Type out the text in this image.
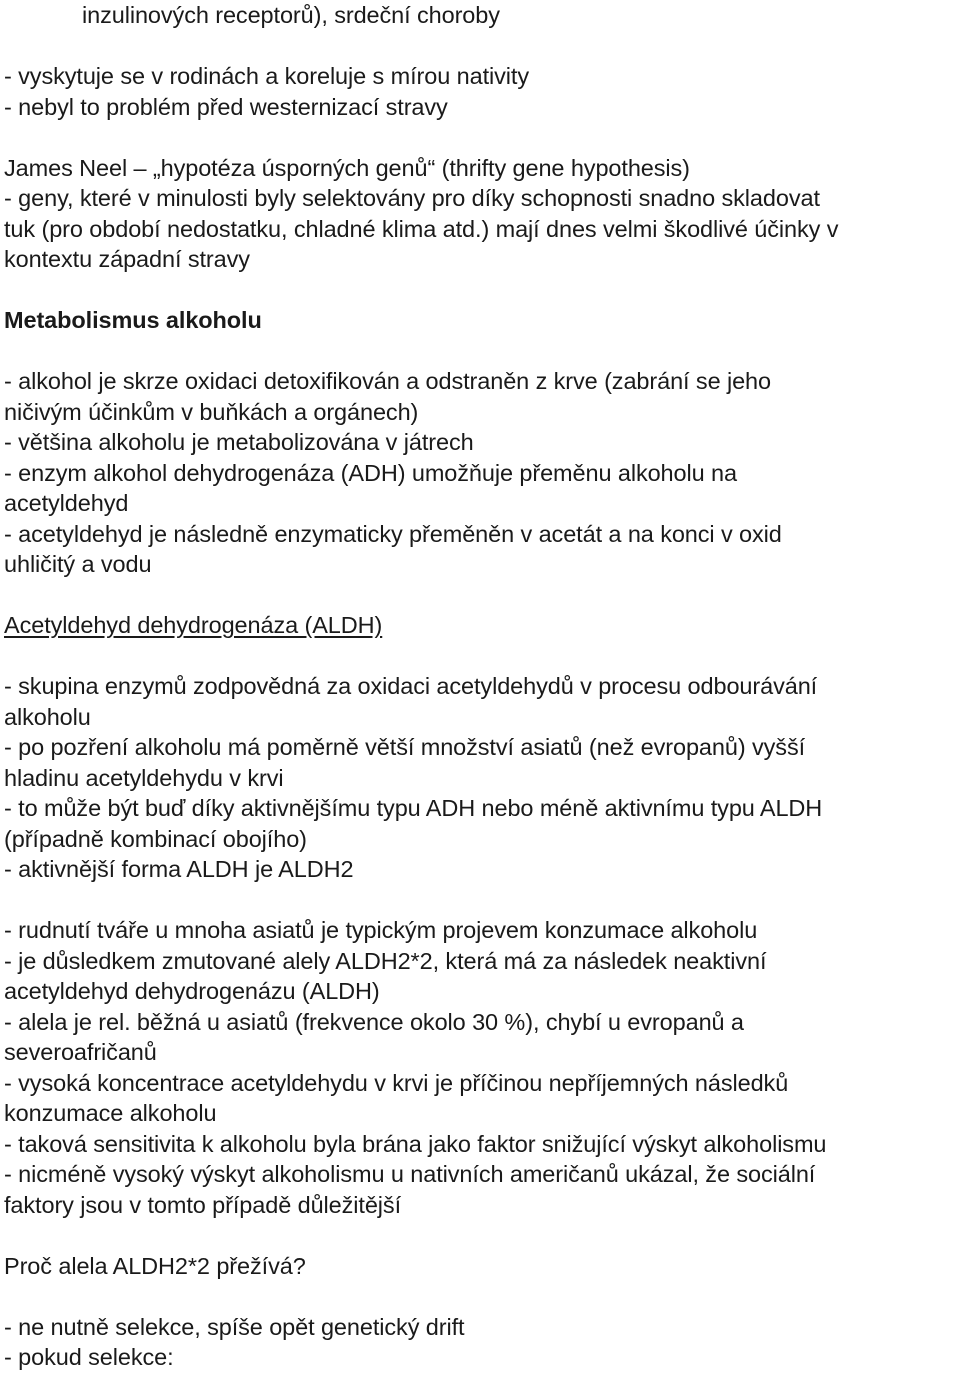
inzulinových receptorů), srdeční choroby
- vyskytuje se v rodinách a koreluje s mírou nativity
- nebyl to problém před westernizací stravy
James Neel – „hypotéza úsporných genů“ (thrifty gene hypothesis)
- geny, které v minulosti byly selektovány pro díky schopnosti snadno skladovat
tuk (pro období nedostatku, chladné klima atd.) mají dnes velmi škodlivé účinky v
kontextu západní stravy
Metabolismus alkoholu
- alkohol je skrze oxidaci detoxifikován a odstraněn z krve (zabrání se jeho
ničivým účinkům v buňkách a orgánech)
- většina alkoholu je metabolizována v játrech
- enzym alkohol dehydrogenáza (ADH) umožňuje přeměnu alkoholu na
acetyldehyd
- acetyldehyd je následně enzymaticky přeměněn v acetát a na konci v oxid
uhličitý a vodu
Acetyldehyd dehydrogenáza (ALDH)
- skupina enzymů zodpovědná za oxidaci acetyldehydů v procesu odbourávání
alkoholu
- po pozření alkoholu má poměrně větší množství asiatů (než evropanů) vyšší
hladinu acetyldehydu v krvi
- to může být buď díky aktivnějšímu typu ADH nebo méně aktivnímu typu ALDH
(případně kombinací obojího)
- aktivnější forma ALDH je ALDH2
- rudnutí tváře u mnoha asiatů je typickým projevem konzumace alkoholu
- je důsledkem zmutované alely ALDH2*2, která má za následek neaktivní
acetyldehyd dehydrogenázu (ALDH)
- alela je rel. běžná u asiatů (frekvence okolo 30 %), chybí u evropanů a
severoafričanů
- vysoká koncentrace acetyldehydu v krvi je příčinou nepříjemných následků
konzumace alkoholu
- taková sensitivita k alkoholu byla brána jako faktor snižující výskyt alkoholismu
- nicméně vysoký výskyt alkoholismu u nativních američanů ukázal, že sociální
faktory jsou v tomto případě důležitější
Proč alela ALDH2*2 přežívá?
- ne nutně selekce, spíše opět genetický drift
- pokud selekce:
